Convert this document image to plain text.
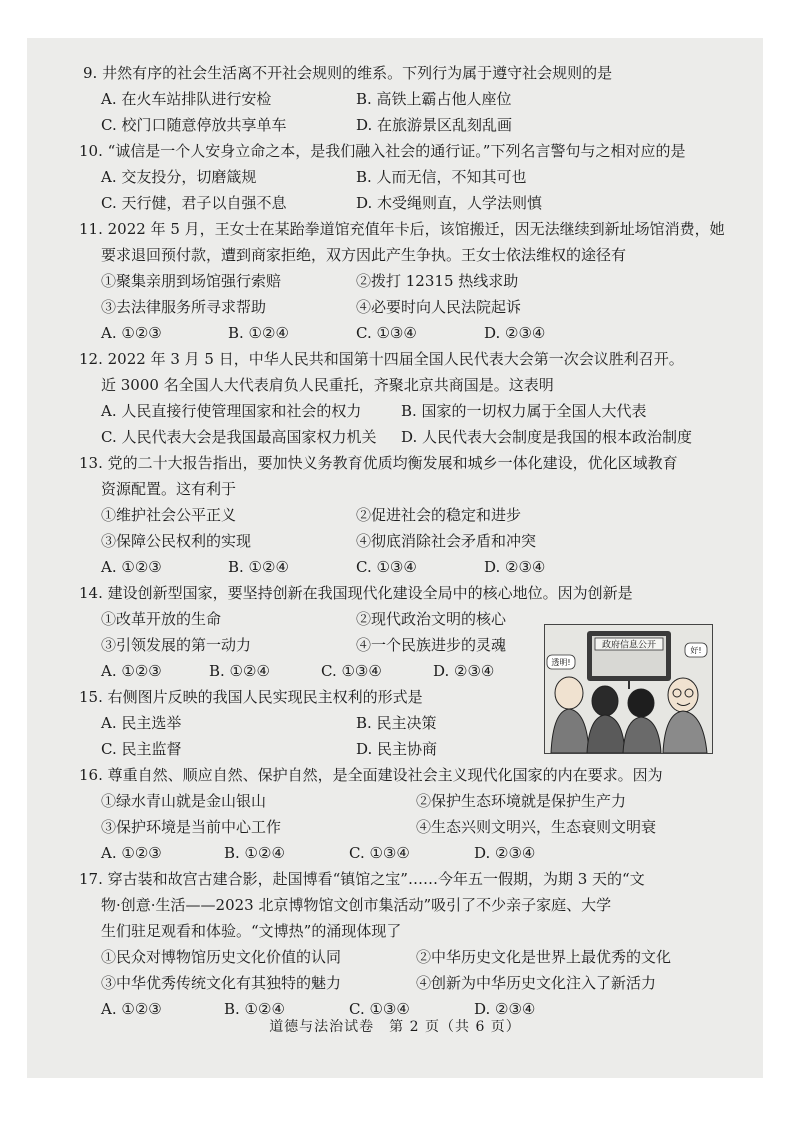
9. 井然有序的社会生活离不开社会规则的维系。下列行为属于遵守社会规则的是
A. 在火车站排队进行安检	B. 高铁上霸占他人座位
C. 校门口随意停放共享单车	D. 在旅游景区乱刻乱画
10. “诚信是一个人安身立命之本，是我们融入社会的通行证。”下列名言警句与之相对应的是
A. 交友投分，切磨箴规	B. 人而无信，不知其可也
C. 天行健，君子以自强不息	D. 木受绳则直，人学法则慎
11. 2022 年 5 月，王女士在某跆拳道馆充值年卡后，该馆搬迁，因无法继续到新址场馆消费，她
要求退回预付款，遭到商家拒绝，双方因此产生争执。王女士依法维权的途径有
①聚集亲朋到场馆强行索赔	②拨打 12315 热线求助
③去法律服务所寻求帮助	④必要时向人民法院起诉
A. ①②③	B. ①②④	C. ①③④	D. ②③④
12. 2022 年 3 月 5 日，中华人民共和国第十四届全国人民代表大会第一次会议胜利召开。
近 3000 名全国人大代表肩负人民重托，齐聚北京共商国是。这表明
A. 人民直接行使管理国家和社会的权力	B. 国家的一切权力属于全国人大代表
C. 人民代表大会是我国最高国家权力机关	D. 人民代表大会制度是我国的根本政治制度
13. 党的二十大报告指出，要加快义务教育优质均衡发展和城乡一体化建设，优化区域教育
资源配置。这有利于
①维护社会公平正义	②促进社会的稳定和进步
③保障公民权利的实现	④彻底消除社会矛盾和冲突
A. ①②③	B. ①②④	C. ①③④	D. ②③④
14. 建设创新型国家，要坚持创新在我国现代化建设全局中的核心地位。因为创新是
①改革开放的生命	②现代政治文明的核心
③引领发展的第一动力	④一个民族进步的灵魂
A. ①②③	B. ①②④	C. ①③④	D. ②③④
15. 右侧图片反映的我国人民实现民主权利的形式是
A. 民主选举	B. 民主决策
C. 民主监督	D. 民主协商
16. 尊重自然、顺应自然、保护自然，是全面建设社会主义现代化国家的内在要求。因为
①绿水青山就是金山银山	②保护生态环境就是保护生产力
③保护环境是当前中心工作	④生态兴则文明兴，生态衰则文明衰
A. ①②③	B. ①②④	C. ①③④	D. ②③④
17. 穿古装和故宫古建合影，赴国博看“镇馆之宝”……今年五一假期，为期 3 天的“文
物·创意·生活——2023 北京博物馆文创市集活动”吸引了不少亲子家庭、大学
生们驻足观看和体验。“文博热”的涌现体现了
①民众对博物馆历史文化价值的认同	②中华历史文化是世界上最优秀的文化
③中华优秀传统文化有其独特的魅力	④创新为中华历史文化注入了新活力
A. ①②③	B. ①②④	C. ①③④	D. ②③④
政府信息公开
透明!
好!
道德与法治试卷　第 2 页（共 6 页）
